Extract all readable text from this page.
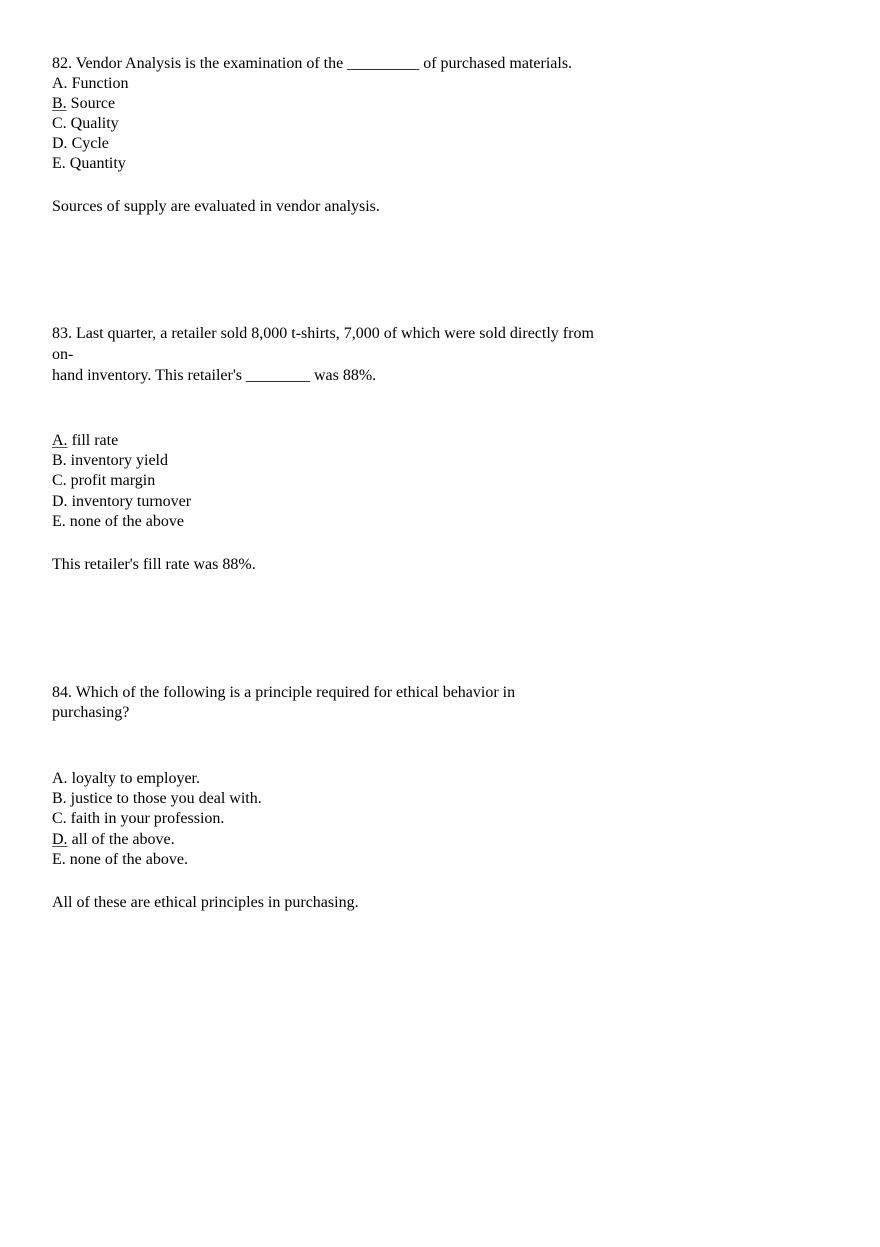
82. Vendor Analysis is the examination of the _________ of purchased materials.
A. Function
B. Source
C. Quality
D. Cycle
E. Quantity
Sources of supply are evaluated in vendor analysis.
83. Last quarter, a retailer sold 8,000 t-shirts, 7,000 of which were sold directly from
on-
hand inventory. This retailer's ________ was 88%.
A. fill rate
B. inventory yield
C. profit margin
D. inventory turnover
E. none of the above
This retailer's fill rate was 88%.
84. Which of the following is a principle required for ethical behavior in
purchasing?
A. loyalty to employer.
B. justice to those you deal with.
C. faith in your profession.
D. all of the above.
E. none of the above.
All of these are ethical principles in purchasing.
